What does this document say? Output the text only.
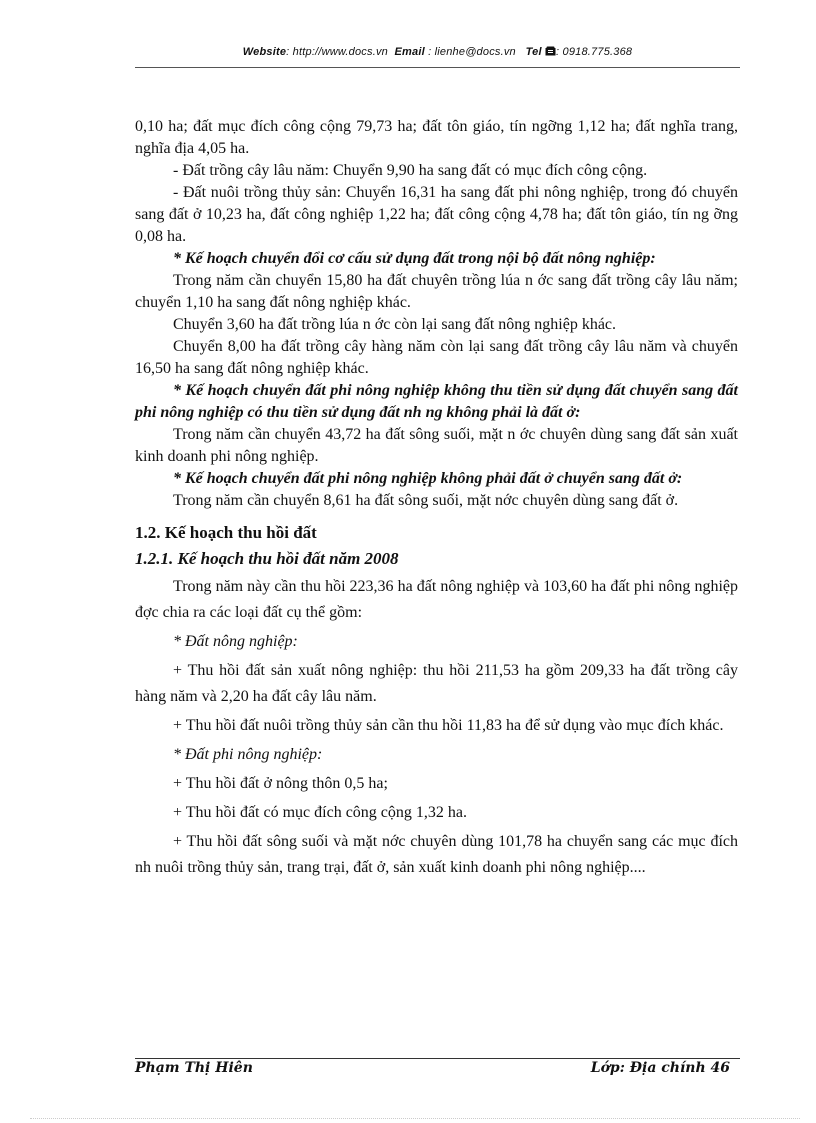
Website: http://www.docs.vn Email : lienhe@docs.vn Tel : 0918.775.368

0,10 ha; đất mục đích công cộng 79,73 ha; đất tôn giáo, tín ngỡng 1,12 ha; đất nghĩa trang, nghĩa địa 4,05 ha.

- Đất trồng cây lâu năm: Chuyển 9,90 ha sang đất có mục đích công cộng.

- Đất nuôi trồng thủy sản: Chuyển 16,31 ha sang đất phi nông nghiệp, trong đó chuyển sang đất ở 10,23 ha, đất công nghiệp 1,22 ha; đất công cộng 4,78 ha; đất tôn giáo, tín ng ỡng 0,08 ha.

* Kế hoạch chuyển đổi cơ cấu sử dụng đất trong nội bộ đất nông nghiệp:

Trong năm cần chuyển 15,80 ha đất chuyên trồng lúa n ớc sang đất trồng cây lâu năm; chuyển 1,10 ha sang đất nông nghiệp khác.

Chuyển 3,60 ha đất trồng lúa n ớc còn lại sang đất nông nghiệp khác.

Chuyển 8,00 ha đất trồng cây hàng năm còn lại sang đất trồng cây lâu năm và chuyển 16,50 ha sang đất nông nghiệp khác.

* Kế hoạch chuyển đất phi nông nghiệp không thu tiền sử dụng đất chuyển sang đất phi nông nghiệp có thu tiền sử dụng đất nh ng không phải là đất ở:

Trong năm cần chuyển 43,72 ha đất sông suối, mặt n ớc chuyên dùng sang đất sản xuất kinh doanh phi nông nghiệp.

* Kế hoạch chuyển đất phi nông nghiệp không phải đất ở chuyển sang đất ở:

Trong năm cần chuyển 8,61 ha đất sông suối, mặt nớc chuyên dùng sang đất ở.

1.2. Kế hoạch thu hồi đất

1.2.1. Kế hoạch thu hồi đất năm 2008

Trong năm này cần thu hồi 223,36 ha đất nông nghiệp và 103,60 ha đất phi nông nghiệp đợc chia ra các loại đất cụ thể gồm:

* Đất nông nghiệp:

+ Thu hồi đất sản xuất nông nghiệp: thu hồi 211,53 ha gồm 209,33 ha đất trồng cây hàng năm và 2,20 ha đất cây lâu năm.

+ Thu hồi đất nuôi trồng thủy sản cần thu hồi 11,83 ha để sử dụng vào mục đích khác.

* Đất phi nông nghiệp:

+ Thu hồi đất ở nông thôn 0,5 ha;

+ Thu hồi đất có mục đích công cộng 1,32 ha.

+ Thu hồi đất sông suối và mặt nớc chuyên dùng 101,78 ha chuyển sang các mục đích nh nuôi trồng thủy sản, trang trại, đất ở, sản xuất kinh doanh phi nông nghiệp....

Phạm Thị Hiên	Lớp: Địa chính 46
